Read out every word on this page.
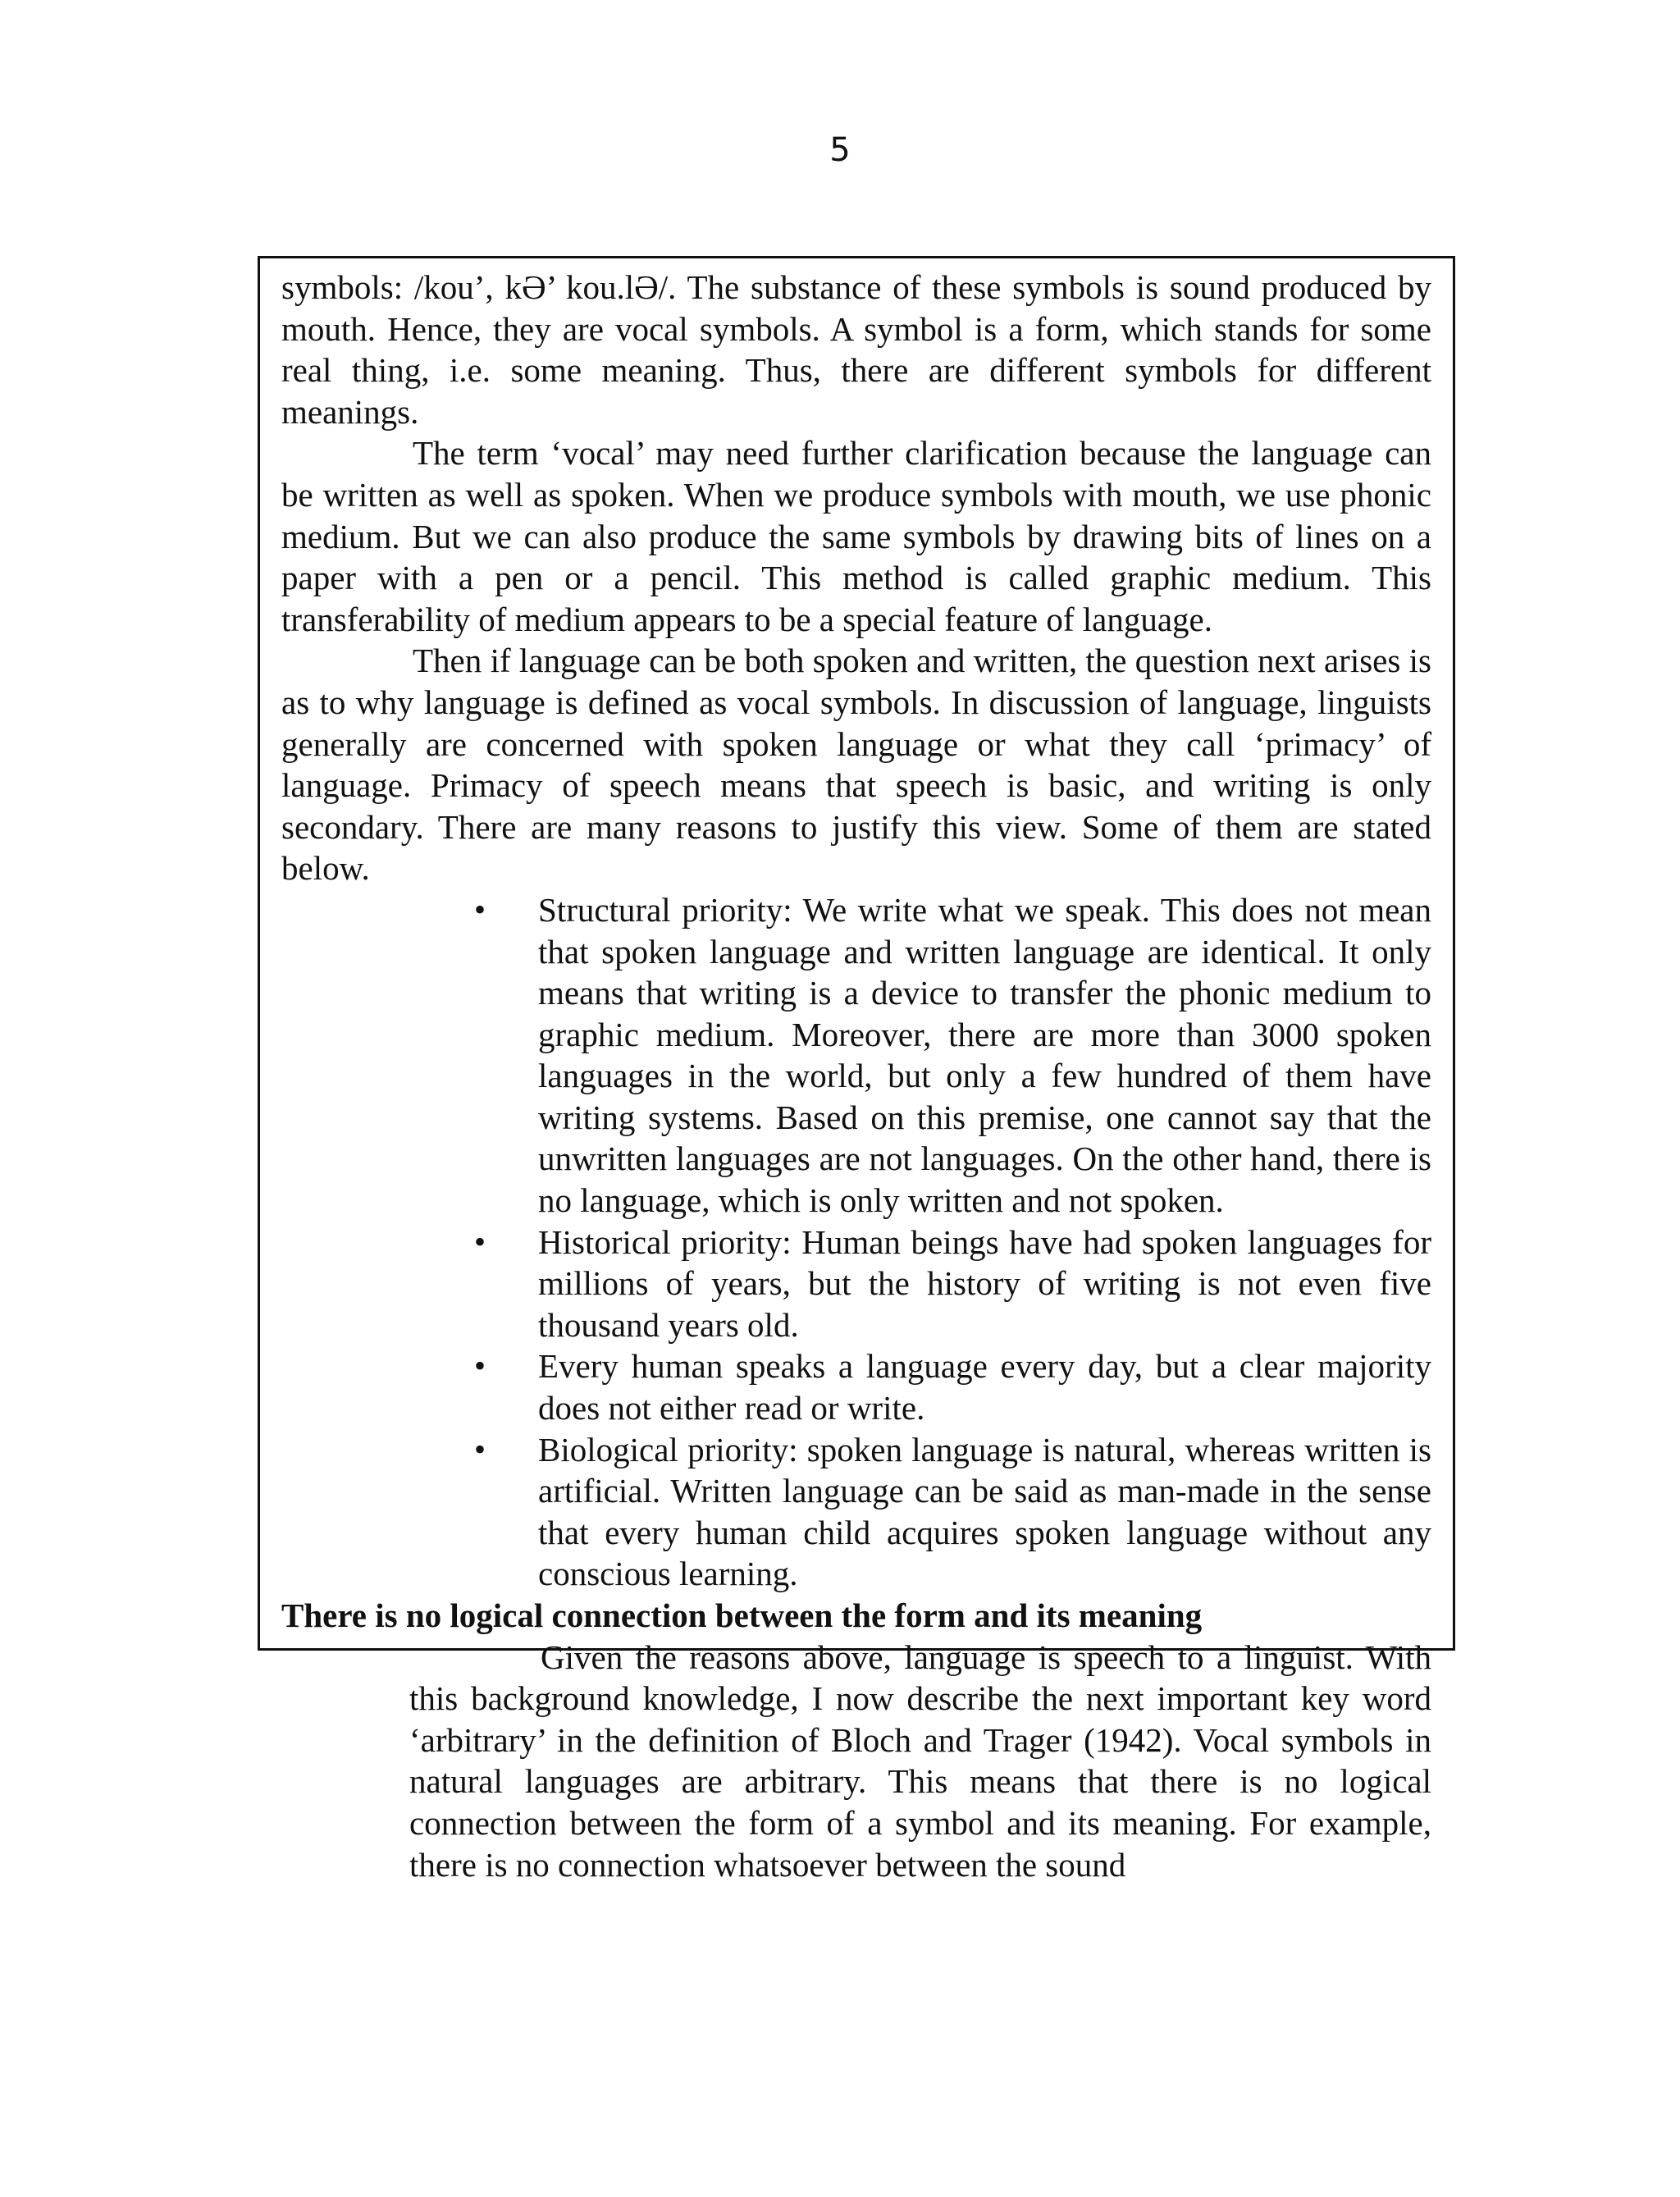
5

symbols: /kou’, kƏ’ kou.lƏ/. The substance of these symbols is sound produced by mouth. Hence, they are vocal symbols. A symbol is a form, which stands for some real thing, i.e. some meaning. Thus, there are different symbols for different meanings.

The term ‘vocal’ may need further clarification because the language can be written as well as spoken. When we produce symbols with mouth, we use phonic medium. But we can also produce the same symbols by drawing bits of lines on a paper with a pen or a pencil. This method is called graphic medium. This transferability of medium appears to be a special feature of language.

Then if language can be both spoken and written, the question next arises is as to why language is defined as vocal symbols. In discussion of language, linguists generally are concerned with spoken language or what they call ‘primacy’ of language. Primacy of speech means that speech is basic, and writing is only secondary. There are many reasons to justify this view. Some of them are stated below.

• Structural priority: We write what we speak. This does not mean that spoken language and written language are identical. It only means that writing is a device to transfer the phonic medium to graphic medium. Moreover, there are more than 3000 spoken languages in the world, but only a few hundred of them have writing systems. Based on this premise, one cannot say that the unwritten languages are not languages. On the other hand, there is no language, which is only written and not spoken.
• Historical priority: Human beings have had spoken languages for millions of years, but the history of writing is not even five thousand years old.
• Every human speaks a language every day, but a clear majority does not either read or write.
• Biological priority: spoken language is natural, whereas written is artificial. Written language can be said as man-made in the sense that every human child acquires spoken language without any conscious learning.

There is no logical connection between the form and its meaning

Given the reasons above, language is speech to a linguist. With this background knowledge, I now describe the next important key word ‘arbitrary’ in the definition of Bloch and Trager (1942). Vocal symbols in natural languages are arbitrary. This means that there is no logical connection between the form of a symbol and its meaning. For example, there is no connection whatsoever between the sound
